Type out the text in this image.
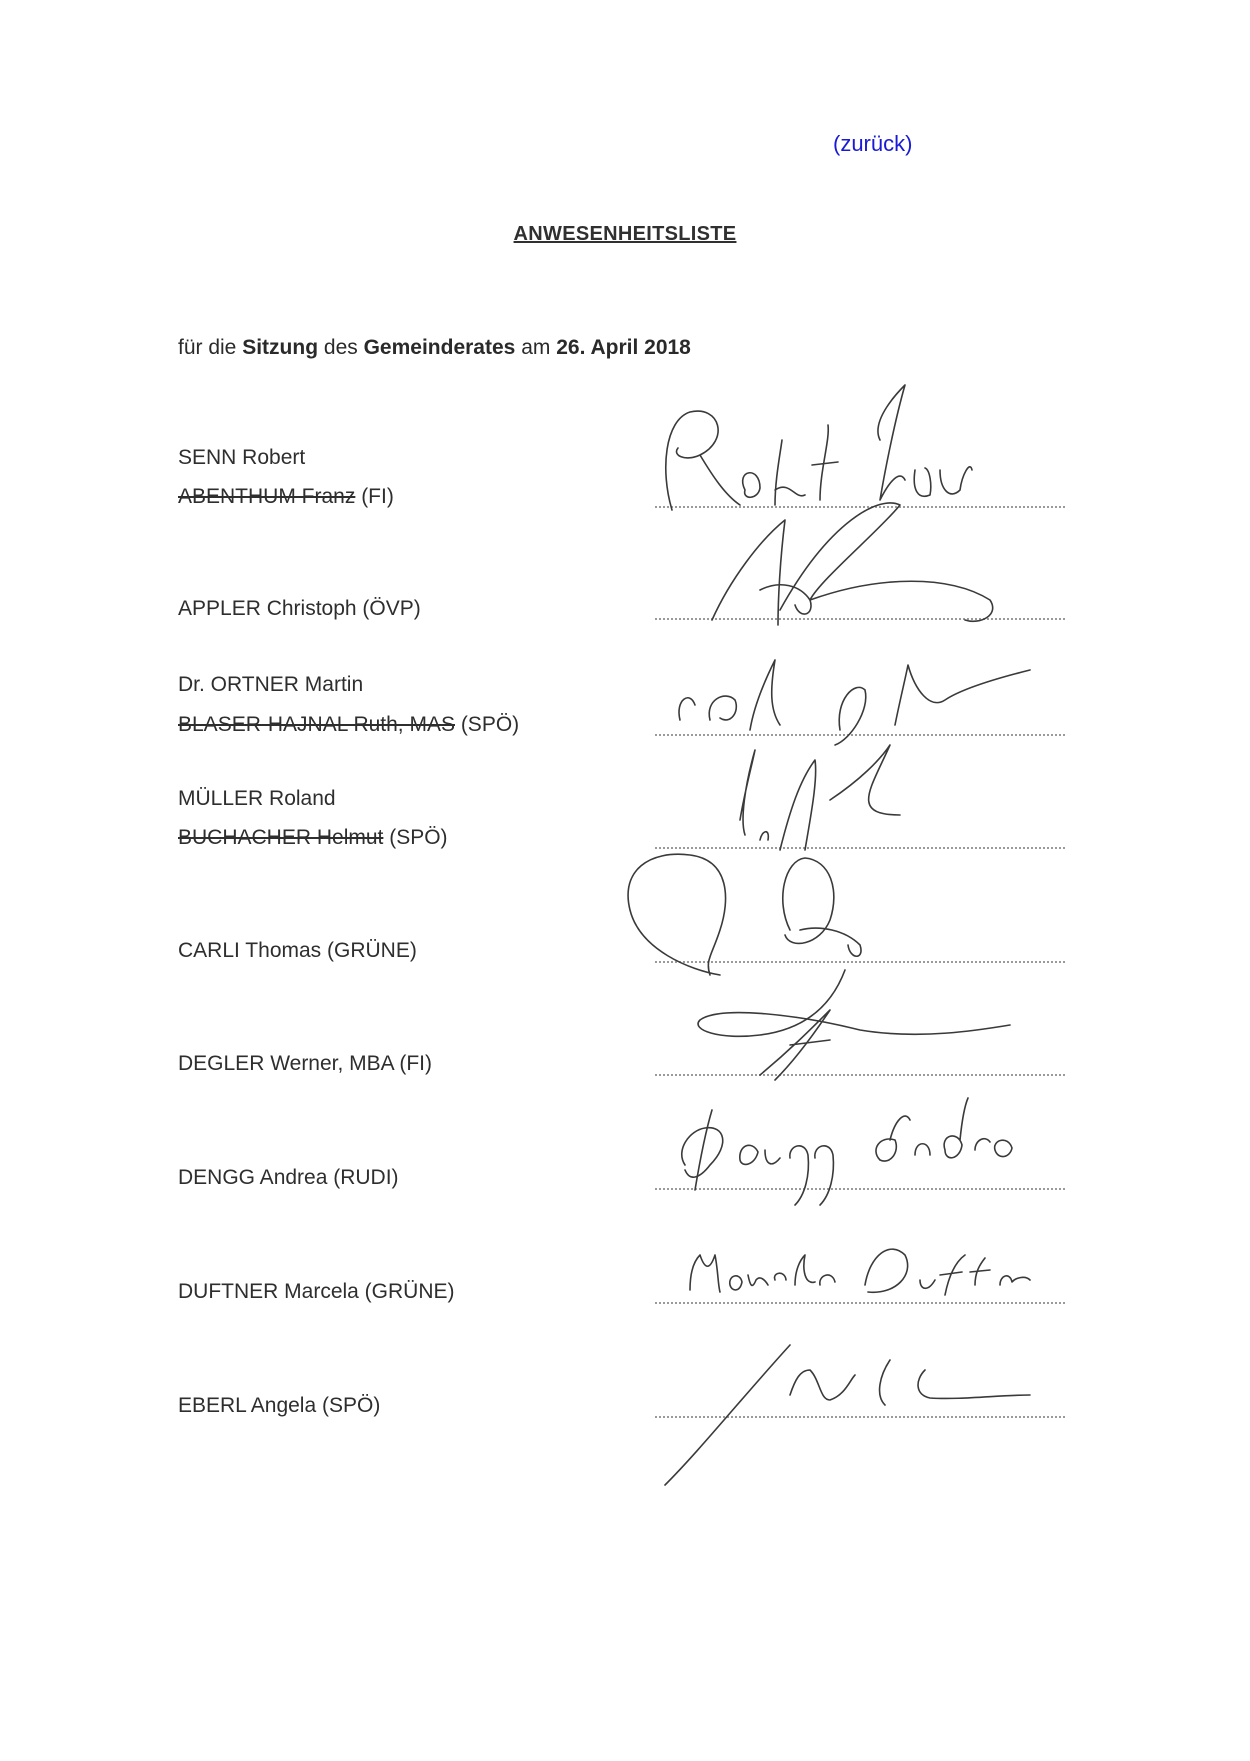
(zurück)
ANWESENHEITSLISTE
für die Sitzung des Gemeinderates am 26. April 2018
SENN Robert
ABENTHUM Franz (FI)
APPLER Christoph (ÖVP)
Dr. ORTNER Martin
BLASER-HAJNAL Ruth, MAS (SPÖ)
MÜLLER Roland
BUCHACHER Helmut (SPÖ)
CARLI Thomas (GRÜNE)
DEGLER Werner, MBA (FI)
DENGG Andrea (RUDI)
DUFTNER Marcela (GRÜNE)
EBERL Angela (SPÖ)
